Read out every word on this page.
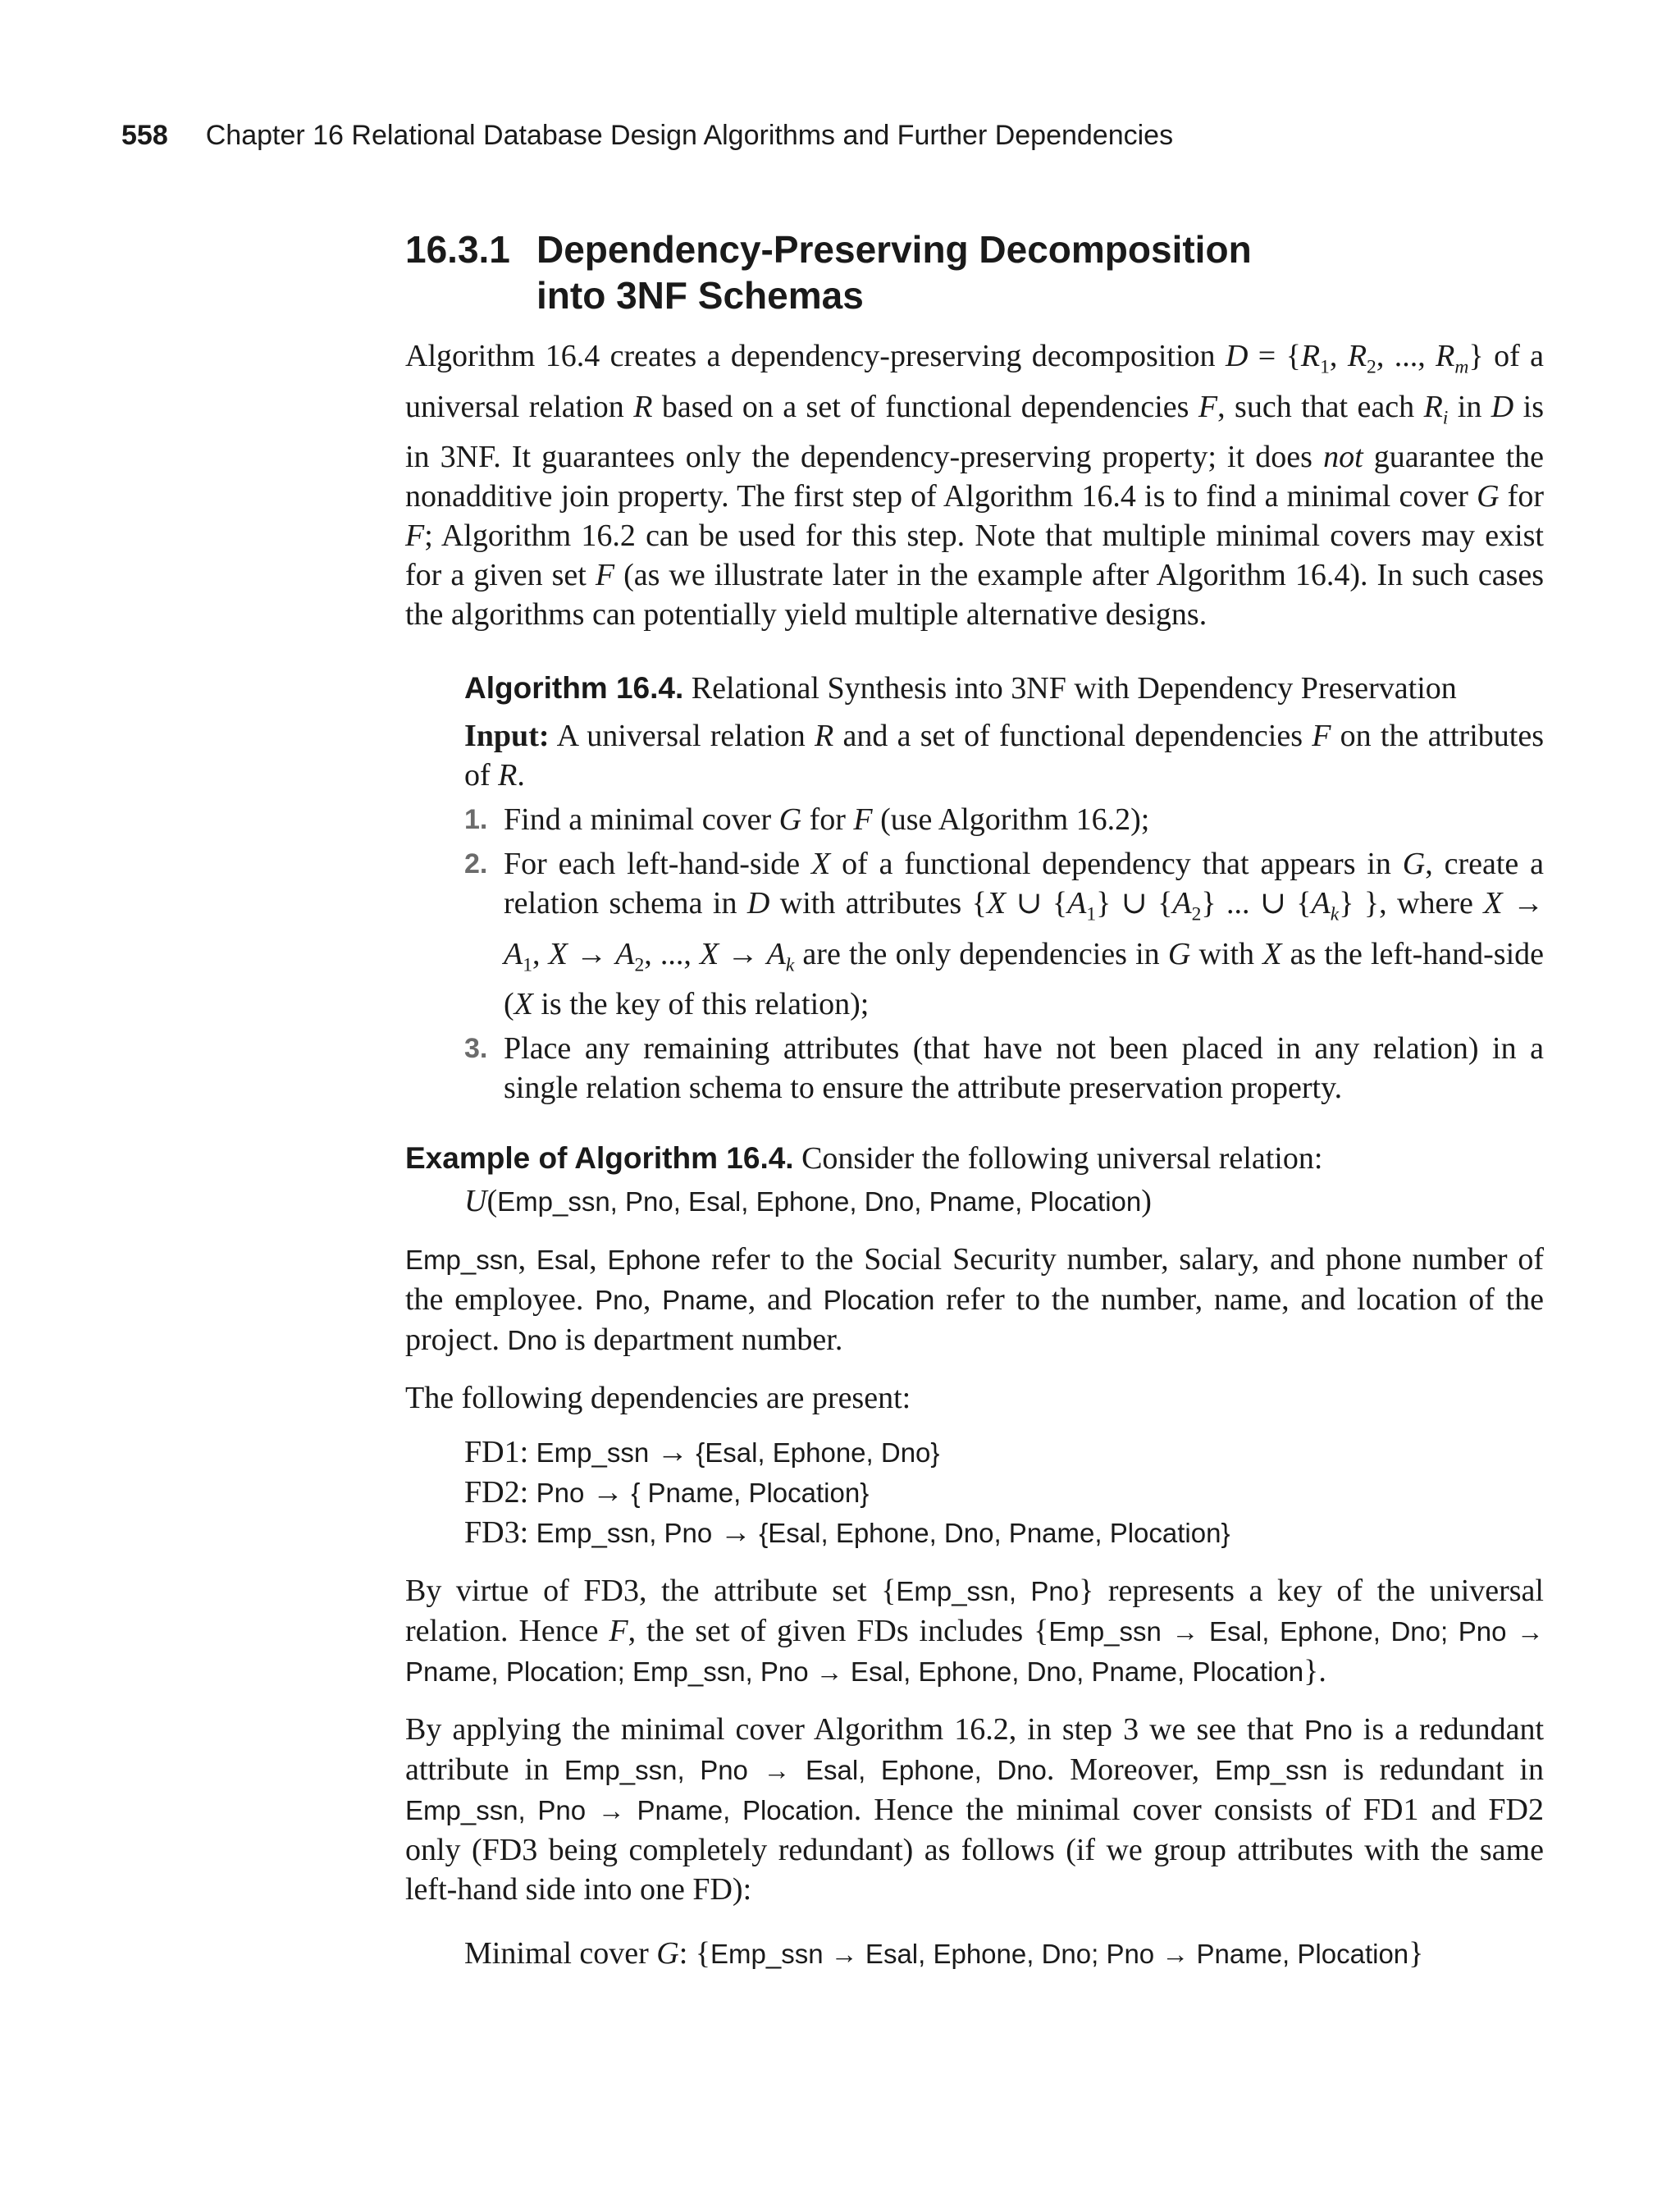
558 Chapter 16 Relational Database Design Algorithms and Further Dependencies
16.3.1 Dependency-Preserving Decomposition
into 3NF Schemas

Algorithm 16.4 creates a dependency-preserving decomposition $D = \{R_1$, $R_2$, ..., $R_m$} of a universal relation R based on a set of functional dependencies F, such that each $R_i$ in D is in 3NF. It guarantees only the dependency-preserving property; it does not guarantee the nonadditive join property. The first step of Algorithm 16.4 is to find a minimal cover G for F; Algorithm 16.2 can be used for this step. Note that multiple minimal covers may exist for a given set F (as we illustrate later in the example after Algorithm 16.4). In such cases the algorithms can potentially yield multiple alternative designs.

Algorithm 16.4. Relational Synthesis into 3NF with Dependency Preservation
Input: A universal relation R and a set of functional dependencies F on the attributes of R.
1. Find a minimal cover G for F (use Algorithm 16.2);
2. For each left-hand-side X of a functional dependency that appears in G, create a relation schema in D with attributes {X ∪ $\{A_1\}$ ∪ $\{A_2\}$ ... ∪ $\{A_k\}$ }, where $X \to A_1$, $X \to A_2$, ..., $X \to A_k$ are the only dependencies in G with X as the left-hand-side (X is the key of this relation);
3. Place any remaining attributes (that have not been placed in any relation) in a single relation schema to ensure the attribute preservation property.
Example of Algorithm 16.4. Consider the following universal relation:
U(Emp_ssn, Pno, Esal, Ephone, Dno, Pname, Plocation)

Emp_ssn, Esal, Ephone refer to the Social Security number, salary, and phone number of the employee. Pno, Pname, and Plocation refer to the number, name, and location of the project. Dno is department number.

The following dependencies are present:

FD1: Emp_ssn → {Esal, Ephone, Dno}
FD2: Pno → { Pname, Plocation}
FD3: Emp_ssn, Pno → {Esal, Ephone, Dno, Pname, Plocation}

By virtue of FD3, the attribute set {Emp_ssn, Pno} represents a key of the universal relation. Hence F, the set of given FDs includes {Emp_ssn → Esal, Ephone, Dno; Pno → Pname, Plocation; Emp_ssn, Pno → Esal, Ephone, Dno, Pname, Plocation}.

By applying the minimal cover Algorithm 16.2, in step 3 we see that Pno is a redundant attribute in Emp_ssn, Pno → Esal, Ephone, Dno. Moreover, Emp_ssn is redundant in Emp_ssn, Pno → Pname, Plocation. Hence the minimal cover consists of FD1 and FD2 only (FD3 being completely redundant) as follows (if we group attributes with the same left-hand side into one FD):

Minimal cover G: {Emp_ssn → Esal, Ephone, Dno; Pno → Pname, Plocation}
